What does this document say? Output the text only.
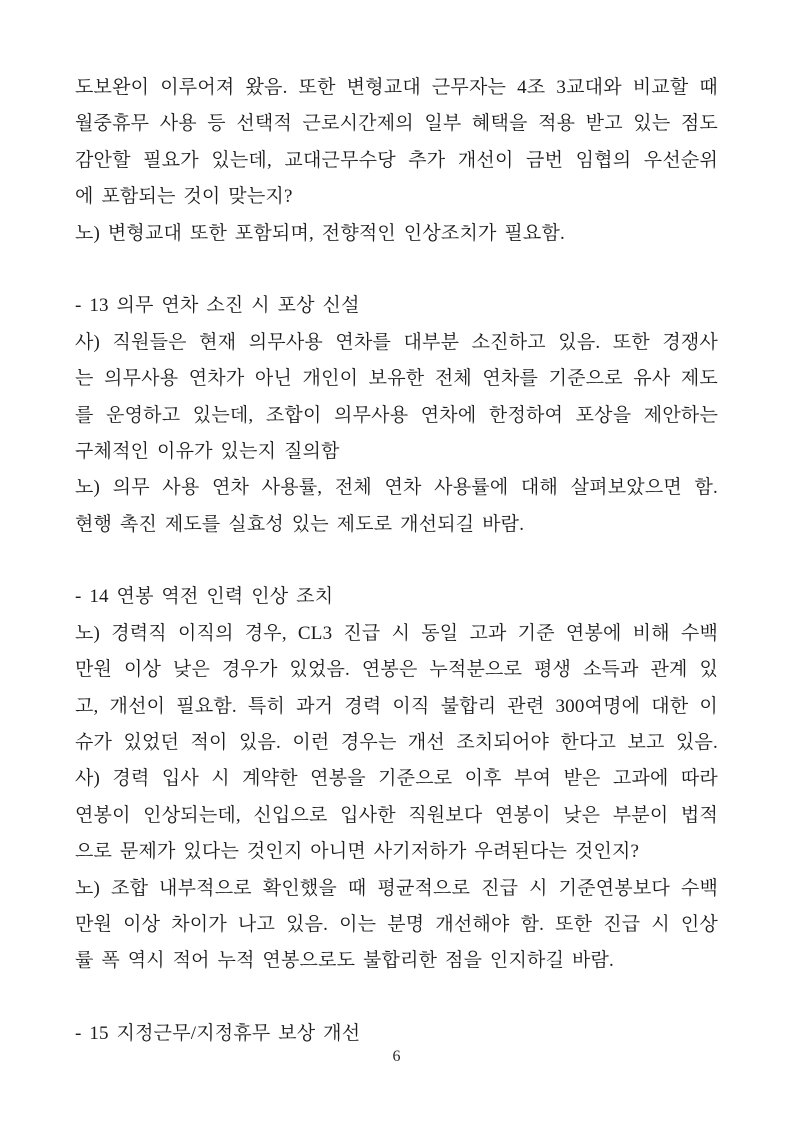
도보완이 이루어져 왔음. 또한 변형교대 근무자는 4조 3교대와 비교할 때
월중휴무 사용 등 선택적 근로시간제의 일부 혜택을 적용 받고 있는 점도
감안할 필요가 있는데, 교대근무수당 추가 개선이 금번 임협의 우선순위
에 포함되는 것이 맞는지?
노) 변형교대 또한 포함되며, 전향적인 인상조치가 필요함.
- 13 의무 연차 소진 시 포상 신설
사) 직원들은 현재 의무사용 연차를 대부분 소진하고 있음. 또한 경쟁사
는 의무사용 연차가 아닌 개인이 보유한 전체 연차를 기준으로 유사 제도
를 운영하고 있는데, 조합이 의무사용 연차에 한정하여 포상을 제안하는
구체적인 이유가 있는지 질의함
노) 의무 사용 연차 사용률, 전체 연차 사용률에 대해 살펴보았으면 함.
현행 촉진 제도를 실효성 있는 제도로 개선되길 바람.
- 14 연봉 역전 인력 인상 조치
노) 경력직 이직의 경우, CL3 진급 시 동일 고과 기준 연봉에 비해 수백
만원 이상 낮은 경우가 있었음. 연봉은 누적분으로 평생 소득과 관계 있
고, 개선이 필요함. 특히 과거 경력 이직 불합리 관련 300여명에 대한 이
슈가 있었던 적이 있음. 이런 경우는 개선 조치되어야 한다고 보고 있음.
사) 경력 입사 시 계약한 연봉을 기준으로 이후 부여 받은 고과에 따라
연봉이 인상되는데, 신입으로 입사한 직원보다 연봉이 낮은 부분이 법적
으로 문제가 있다는 것인지 아니면 사기저하가 우려된다는 것인지?
노) 조합 내부적으로 확인했을 때 평균적으로 진급 시 기준연봉보다 수백
만원 이상 차이가 나고 있음. 이는 분명 개선해야 함. 또한 진급 시 인상
률 폭 역시 적어 누적 연봉으로도 불합리한 점을 인지하길 바람.
- 15 지정근무/지정휴무 보상 개선
6
